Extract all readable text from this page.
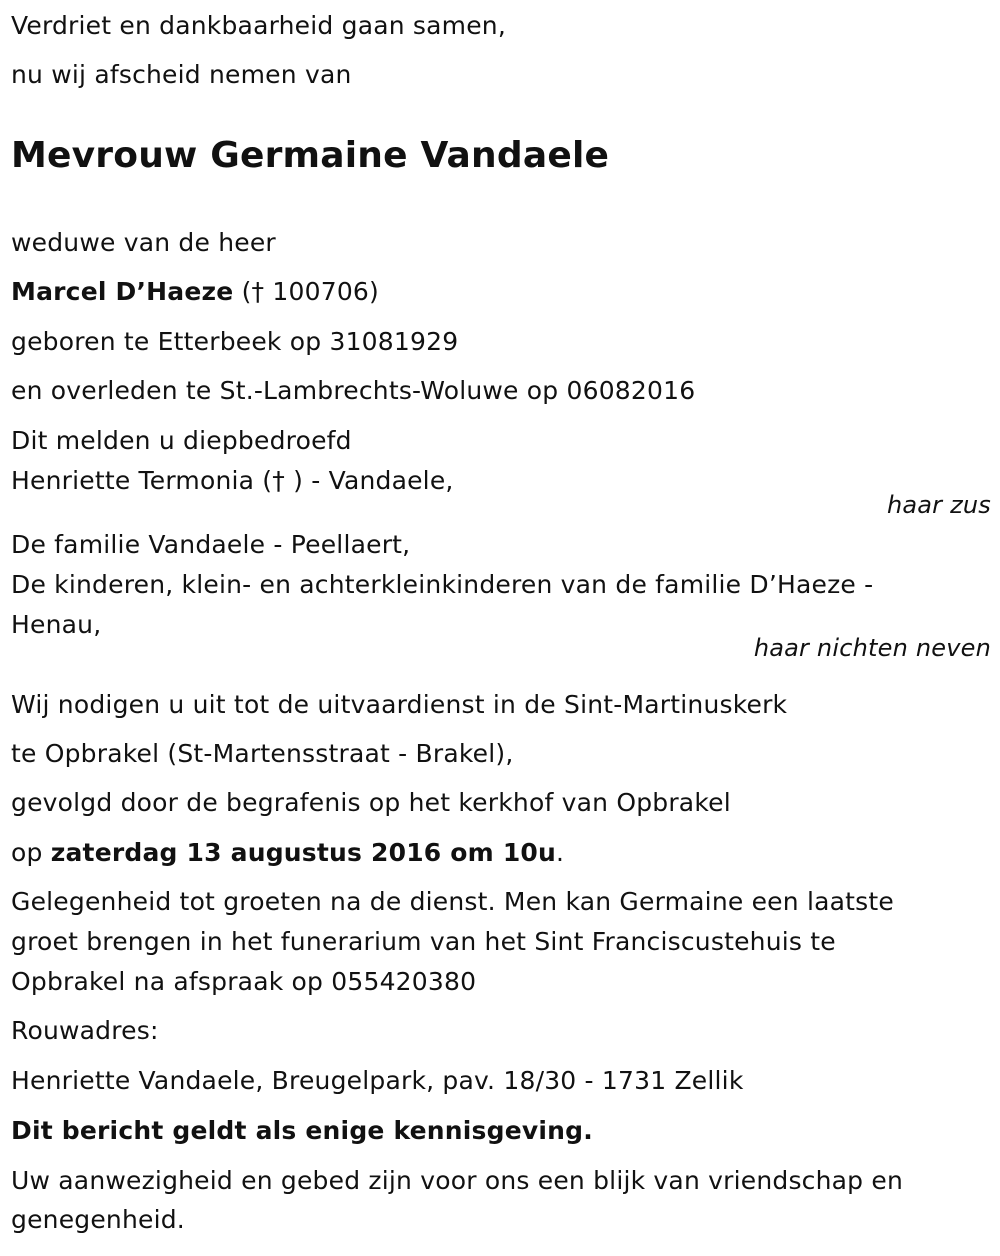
Verdriet en dankbaarheid gaan samen,
nu wij afscheid nemen van
Mevrouw Germaine Vandaele
weduwe van de heer
Marcel D’Haeze († 100706)
geboren te Etterbeek op 31081929
en overleden te St.-Lambrechts-Woluwe op 06082016
Dit melden u diepbedroefd
Henriette Termonia († ) - Vandaele,
haar zus
De familie Vandaele - Peellaert,
De kinderen, klein- en achterkleinkinderen van de familie D’Haeze -
Henau,
haar nichten neven
Wij nodigen u uit tot de uitvaardienst in de Sint-Martinuskerk
te Opbrakel (St-Martensstraat - Brakel),
gevolgd door de begrafenis op het kerkhof van Opbrakel
op zaterdag 13 augustus 2016 om 10u.
Gelegenheid tot groeten na de dienst. Men kan Germaine een laatste
groet brengen in het funerarium van het Sint Franciscustehuis te
Opbrakel na afspraak op 055420380
Rouwadres:
Henriette Vandaele, Breugelpark, pav. 18/30 - 1731 Zellik
Dit bericht geldt als enige kennisgeving.
Uw aanwezigheid en gebed zijn voor ons een blijk van vriendschap en
genegenheid.
